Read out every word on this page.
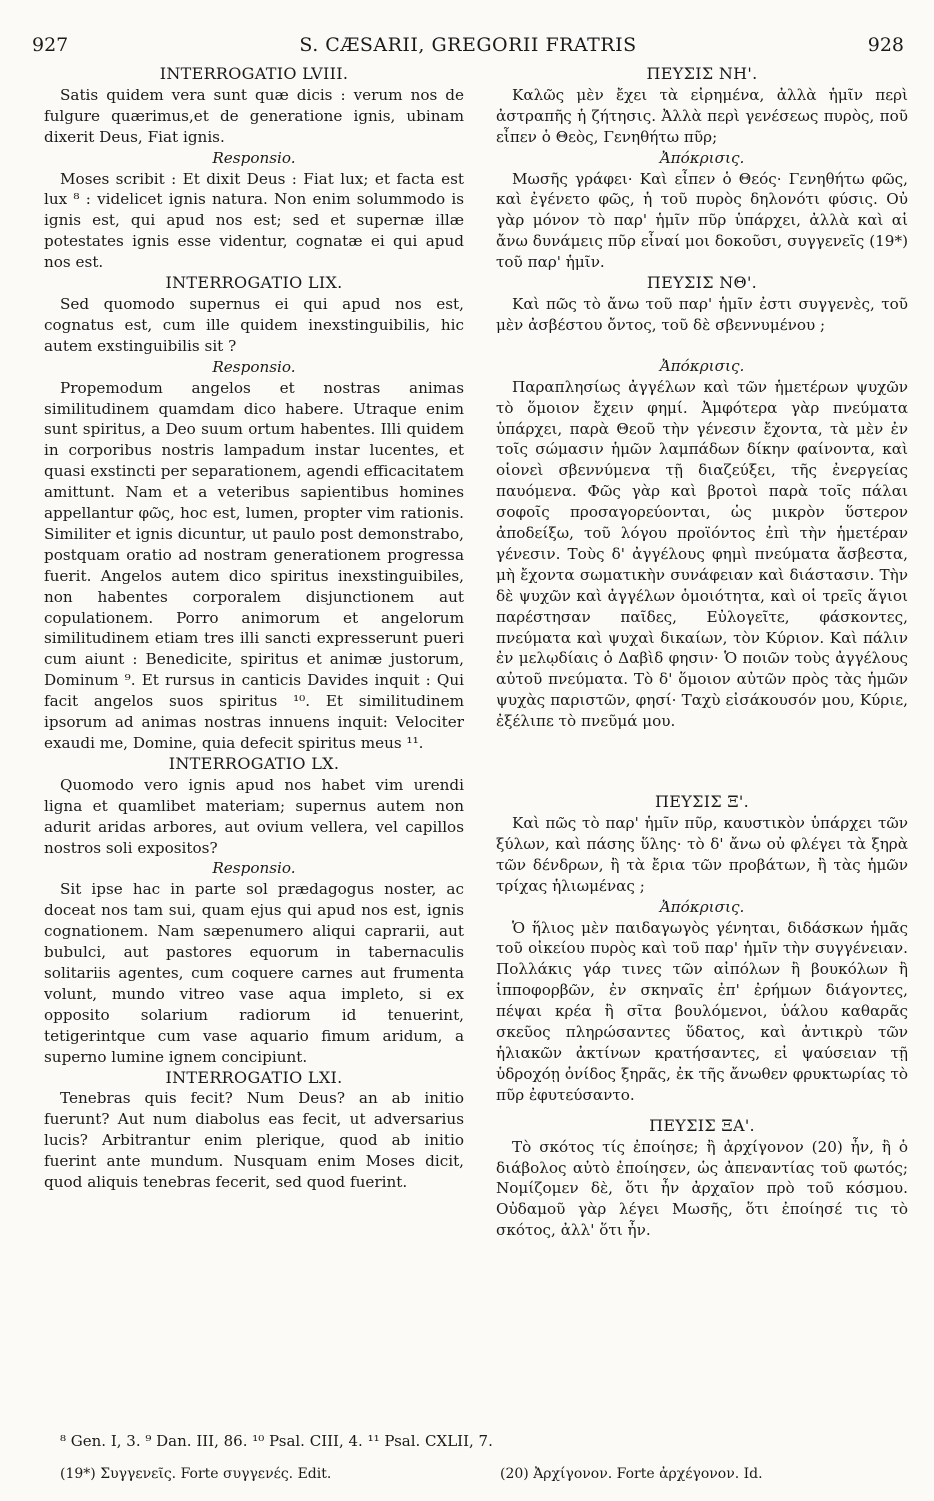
927	S. CÆSARII, GREGORII FRATRIS	928

INTERROGATIO LVIII.

Satis quidem vera sunt quæ dicis : verum nos de fulgure quærimus,et de generatione ignis, ubinam dixerit Deus, Fiat ignis.

Responsio.

Moses scribit : Et dixit Deus : Fiat lux; et facta est lux ⁸ : videlicet ignis natura. Non enim solummodo is ignis est, qui apud nos est; sed et supernæ illæ potestates ignis esse videntur, cognatæ ei qui apud nos est.

INTERROGATIO LIX.

Sed quomodo supernus ei qui apud nos est, cognatus est, cum ille quidem inexstinguibilis, hic autem exstinguibilis sit ?

Responsio.

Propemodum angelos et nostras animas similitudinem quamdam dico habere. Utraque enim sunt spiritus, a Deo suum ortum habentes. Illi quidem in corporibus nostris lampadum instar lucentes, et quasi exstincti per separationem, agendi efficacitatem amittunt. Nam et a veteribus sapientibus homines appellantur φῶς, hoc est, lumen, propter vim rationis. Similiter et ignis dicuntur, ut paulo post demonstrabo, postquam oratio ad nostram generationem progressa fuerit. Angelos autem dico spiritus inexstinguibiles, non habentes corporalem disjunctionem aut copulationem. Porro animorum et angelorum similitudinem etiam tres illi sancti expresserunt pueri cum aiunt : Benedicite, spiritus et animæ justorum, Dominum ⁹. Et rursus in canticis Davides inquit : Qui facit angelos suos spiritus ¹⁰. Et similitudinem ipsorum ad animas nostras innuens inquit: Velociter exaudi me, Domine, quia defecit spiritus meus ¹¹.

INTERROGATIO LX.

Quomodo vero ignis apud nos habet vim urendi ligna et quamlibet materiam; supernus autem non adurit aridas arbores, aut ovium vellera, vel capillos nostros soli expositos?

Responsio.

Sit ipse hac in parte sol prædagogus noster, ac doceat nos tam sui, quam ejus qui apud nos est, ignis cognationem. Nam sæpenumero aliqui caprarii, aut bubulci, aut pastores equorum in tabernaculis solitariis agentes, cum coquere carnes aut frumenta volunt, mundo vitreo vase aqua impleto, si ex opposito solarium radiorum id tenuerint, tetigerintque cum vase aquario fimum aridum, a superno lumine ignem concipiunt.

INTERROGATIO LXI.

Tenebras quis fecit? Num Deus? an ab initio fuerunt? Aut num diabolus eas fecit, ut adversarius lucis? Arbitrantur enim plerique, quod ab initio fuerint ante mundum. Nusquam enim Moses dicit, quod aliquis tenebras fecerit, sed quod fuerint.

ΠΕΥΣΙΣ ΝΗ'.

Καλῶς μὲν ἔχει τὰ εἰρημένα, ἀλλὰ ἡμῖν περὶ ἀστραπῆς ἡ ζήτησις. Ἀλλὰ περὶ γενέσεως πυρὸς, ποῦ εἶπεν ὁ Θεὸς, Γενηθήτω πῦρ;

Ἀπόκρισις.

Μωσῆς γράφει· Καὶ εἶπεν ὁ Θεός· Γενηθήτω φῶς, καὶ ἐγένετο φῶς, ἡ τοῦ πυρὸς δηλονότι φύσις. Οὐ γὰρ μόνον τὸ παρ' ἡμῖν πῦρ ὑπάρχει, ἀλλὰ καὶ αἱ ἄνω δυνάμεις πῦρ εἶναί μοι δοκοῦσι, συγγενεῖς (19*) τοῦ παρ' ἡμῖν.

ΠΕΥΣΙΣ ΝΘ'.

Καὶ πῶς τὸ ἄνω τοῦ παρ' ἡμῖν ἐστι συγγενὲς, τοῦ μὲν ἀσβέστου ὄντος, τοῦ δὲ σβεννυμένου ;

Ἀπόκρισις.

Παραπλησίως ἀγγέλων καὶ τῶν ἡμετέρων ψυχῶν τὸ ὅμοιον ἔχειν φημί. Ἀμφότερα γὰρ πνεύματα ὑπάρχει, παρὰ Θεοῦ τὴν γένεσιν ἔχοντα, τὰ μὲν ἐν τοῖς σώμασιν ἡμῶν λαμπάδων δίκην φαίνοντα, καὶ οἱονεὶ σβεννύμενα τῇ διαζεύξει, τῆς ἐνεργείας παυόμενα. Φῶς γὰρ καὶ βροτοὶ παρὰ τοῖς πάλαι σοφοῖς προσαγορεύονται, ὡς μικρὸν ὕστερον ἀποδείξω, τοῦ λόγου προϊόντος ἐπὶ τὴν ἡμετέραν γένεσιν. Τοὺς δ' ἀγγέλους φημὶ πνεύματα ἄσβεστα, μὴ ἔχοντα σωματικὴν συνάφειαν καὶ διάστασιν. Τὴν δὲ ψυχῶν καὶ ἀγγέλων ὁμοιότητα, καὶ οἱ τρεῖς ἅγιοι παρέστησαν παῖδες, Εὐλογεῖτε, φάσκοντες, πνεύματα καὶ ψυχαὶ δικαίων, τὸν Κύριον. Καὶ πάλιν ἐν μελῳδίαις ὁ Δαβὶδ φησιν· Ὁ ποιῶν τοὺς ἀγγέλους αὐτοῦ πνεύματα. Τὸ δ' ὅμοιον αὐτῶν πρὸς τὰς ἡμῶν ψυχὰς παριστῶν, φησί· Ταχὺ εἰσάκουσόν μου, Κύριε, ἐξέλιπε τὸ πνεῦμά μου.

ΠΕΥΣΙΣ Ξ'.

Καὶ πῶς τὸ παρ' ἡμῖν πῦρ, καυστικὸν ὑπάρχει τῶν ξύλων, καὶ πάσης ὕλης· τὸ δ' ἄνω οὐ φλέγει τὰ ξηρὰ τῶν δένδρων, ἢ τὰ ἔρια τῶν προβάτων, ἢ τὰς ἡμῶν τρίχας ἡλιωμένας ;

Ἀπόκρισις.

Ὁ ἥλιος μὲν παιδαγωγὸς γένηται, διδάσκων ἡμᾶς τοῦ οἰκείου πυρὸς καὶ τοῦ παρ' ἡμῖν τὴν συγγένειαν. Πολλάκις γάρ τινες τῶν αἰπόλων ἢ βουκόλων ἢ ἱπποφορβῶν, ἐν σκηναῖς ἐπ' ἐρήμων διάγοντες, πέψαι κρέα ἢ σῖτα βουλόμενοι, ὑάλου καθαρᾶς σκεῦος πληρώσαντες ὕδατος, καὶ ἀντικρὺ τῶν ἡλιακῶν ἀκτίνων κρατήσαντες, εἰ ψαύσειαν τῇ ὑδροχόῃ ὀνίδος ξηρᾶς, ἐκ τῆς ἄνωθεν φρυκτωρίας τὸ πῦρ ἐφυτεύσαντο.

ΠΕΥΣΙΣ ΞΑ'.

Τὸ σκότος τίς ἐποίησε; ἢ ἀρχίγονον (20) ἦν, ἢ ὁ διάβολος αὐτὸ ἐποίησεν, ὡς ἀπεναντίας τοῦ φωτός; Νομίζομεν δὲ, ὅτι ἦν ἀρχαῖον πρὸ τοῦ κόσμου. Οὐδαμοῦ γὰρ λέγει Μωσῆς, ὅτι ἐποίησέ τις τὸ σκότος, ἀλλ' ὅτι ἦν.

⁸ Gen. I, 3. ⁹ Dan. III, 86. ¹⁰ Psal. CIII, 4. ¹¹ Psal. CXLII, 7.
(19*) Συγγενεῖς. Forte συγγενές. Edit.	(20) Ἀρχίγονον. Forte ἀρχέγονον. Id.
